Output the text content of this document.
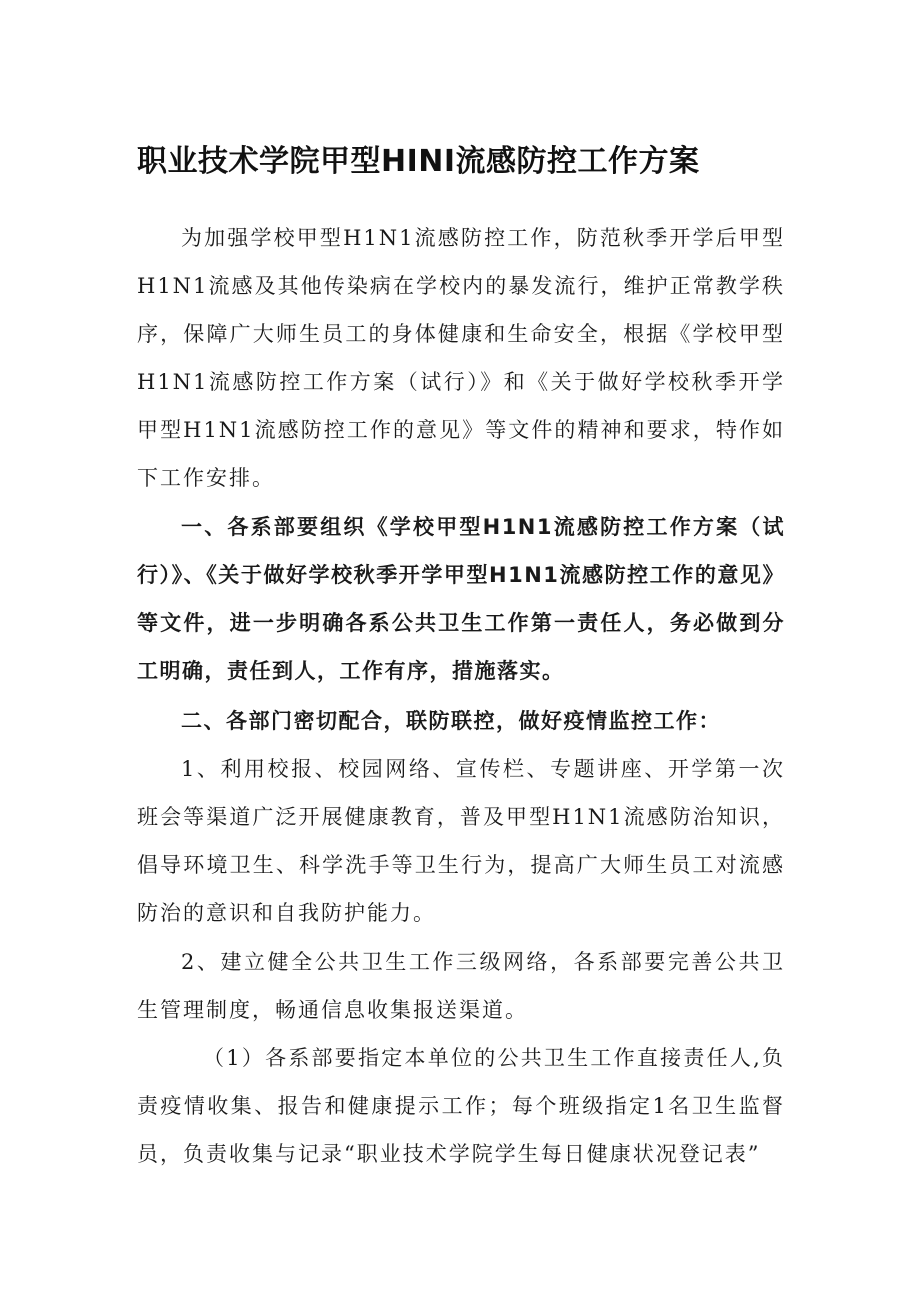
职业技术学院甲型HINI流感防控工作方案
为加强学校甲型H1N1流感防控工作，防范秋季开学后甲型H1N1流感及其他传染病在学校内的暴发流行，维护正常教学秩序，保障广大师生员工的身体健康和生命安全，根据《学校甲型H1N1流感防控工作方案（试行）》和《关于做好学校秋季开学甲型H1N1流感防控工作的意见》等文件的精神和要求，特作如下工作安排。
一、各系部要组织《学校甲型H1N1流感防控工作方案（试行）》、《关于做好学校秋季开学甲型H1N1流感防控工作的意见》等文件，进一步明确各系公共卫生工作第一责任人，务必做到分工明确，责任到人，工作有序，措施落实。
二、各部门密切配合，联防联控，做好疫情监控工作：
1、利用校报、校园网络、宣传栏、专题讲座、开学第一次班会等渠道广泛开展健康教育，普及甲型H1N1流感防治知识，倡导环境卫生、科学洗手等卫生行为，提高广大师生员工对流感防治的意识和自我防护能力。
2、建立健全公共卫生工作三级网络，各系部要完善公共卫生管理制度，畅通信息收集报送渠道。
（1）各系部要指定本单位的公共卫生工作直接责任人,负责疫情收集、报告和健康提示工作；每个班级指定1名卫生监督员，负责收集与记录“职业技术学院学生每日健康状况登记表”
